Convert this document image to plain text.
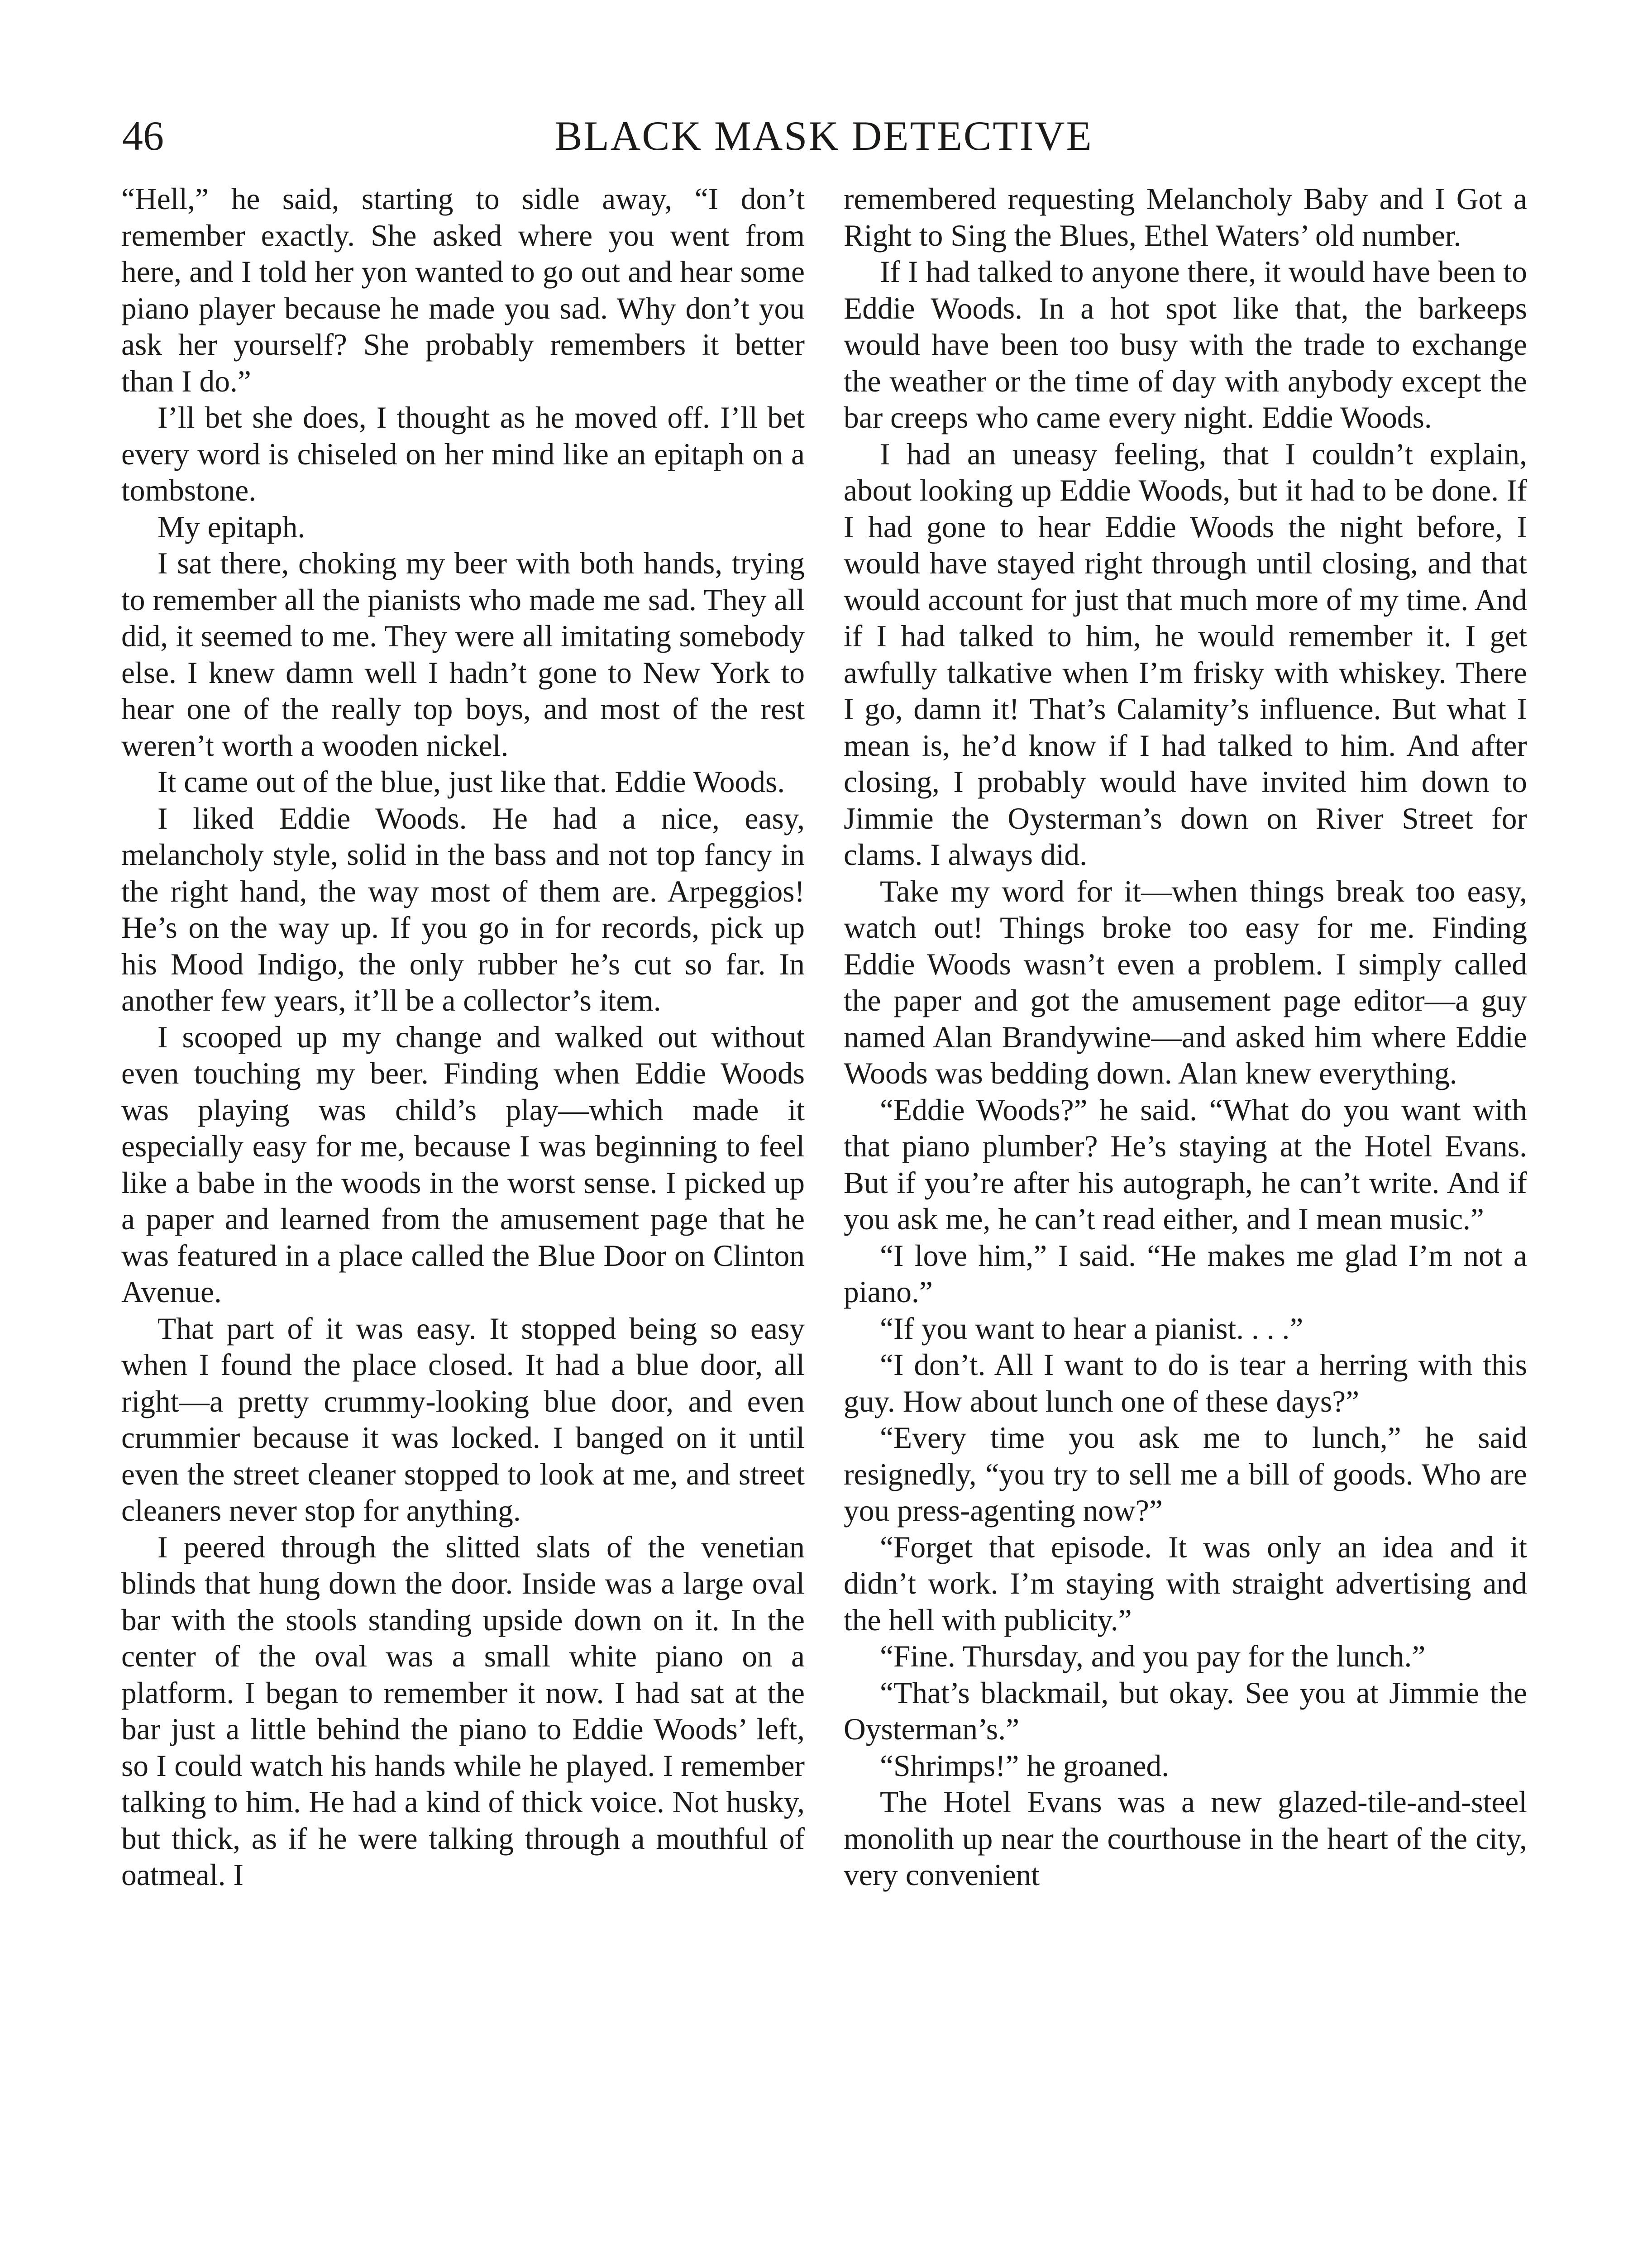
46	BLACK MASK DETECTIVE

“Hell,” he said, starting to sidle away, “I don’t remember exactly. She asked where you went from here, and I told her yon wanted to go out and hear some piano player because he made you sad. Why don’t you ask her yourself? She probably remembers it better than I do.”

I’ll bet she does, I thought as he moved off. I’ll bet every word is chiseled on her mind like an epitaph on a tombstone.

My epitaph.

I sat there, choking my beer with both hands, trying to remember all the pianists who made me sad. They all did, it seemed to me. They were all imitating somebody else. I knew damn well I hadn’t gone to New York to hear one of the really top boys, and most of the rest weren’t worth a wooden nickel.

It came out of the blue, just like that. Eddie Woods.

I liked Eddie Woods. He had a nice, easy, melancholy style, solid in the bass and not top fancy in the right hand, the way most of them are. Arpeggios! He’s on the way up. If you go in for records, pick up his Mood Indigo, the only rubber he’s cut so far. In another few years, it’ll be a collector’s item.

I scooped up my change and walked out without even touching my beer. Finding when Eddie Woods was playing was child’s play—which made it especially easy for me, because I was beginning to feel like a babe in the woods in the worst sense. I picked up a paper and learned from the amusement page that he was featured in a place called the Blue Door on Clinton Avenue.

That part of it was easy. It stopped being so easy when I found the place closed. It had a blue door, all right—a pretty crummy-looking blue door, and even crummier because it was locked. I banged on it until even the street cleaner stopped to look at me, and street cleaners never stop for anything.

I peered through the slitted slats of the venetian blinds that hung down the door. Inside was a large oval bar with the stools standing upside down on it. In the center of the oval was a small white piano on a platform. I began to remember it now. I had sat at the bar just a little behind the piano to Eddie Woods’ left, so I could watch his hands while he played. I remember talking to him. He had a kind of thick voice. Not husky, but thick, as if he were talking through a mouthful of oatmeal. I

remembered requesting Melancholy Baby and I Got a Right to Sing the Blues, Ethel Waters’ old number.

If I had talked to anyone there, it would have been to Eddie Woods. In a hot spot like that, the barkeeps would have been too busy with the trade to exchange the weather or the time of day with anybody except the bar creeps who came every night. Eddie Woods.

I had an uneasy feeling, that I couldn’t explain, about looking up Eddie Woods, but it had to be done. If I had gone to hear Eddie Woods the night before, I would have stayed right through until closing, and that would account for just that much more of my time. And if I had talked to him, he would remember it. I get awfully talkative when I’m frisky with whiskey. There I go, damn it! That’s Calamity’s influence. But what I mean is, he’d know if I had talked to him. And after closing, I probably would have invited him down to Jimmie the Oysterman’s down on River Street for clams. I always did.

Take my word for it—when things break too easy, watch out! Things broke too easy for me. Finding Eddie Woods wasn’t even a problem. I simply called the paper and got the amusement page editor—a guy named Alan Brandywine—and asked him where Eddie Woods was bedding down. Alan knew everything.

“Eddie Woods?” he said. “What do you want with that piano plumber? He’s staying at the Hotel Evans. But if you’re after his autograph, he can’t write. And if you ask me, he can’t read either, and I mean music.”

“I love him,” I said. “He makes me glad I’m not a piano.”

“If you want to hear a pianist. . . .”

“I don’t. All I want to do is tear a herring with this guy. How about lunch one of these days?”

“Every time you ask me to lunch,” he said resignedly, “you try to sell me a bill of goods. Who are you press-agenting now?”

“Forget that episode. It was only an idea and it didn’t work. I’m staying with straight advertising and the hell with publicity.”

“Fine. Thursday, and you pay for the lunch.”

“That’s blackmail, but okay. See you at Jimmie the Oysterman’s.”

“Shrimps!” he groaned.

The Hotel Evans was a new glazed-tile-and-steel monolith up near the courthouse in the heart of the city, very convenient
